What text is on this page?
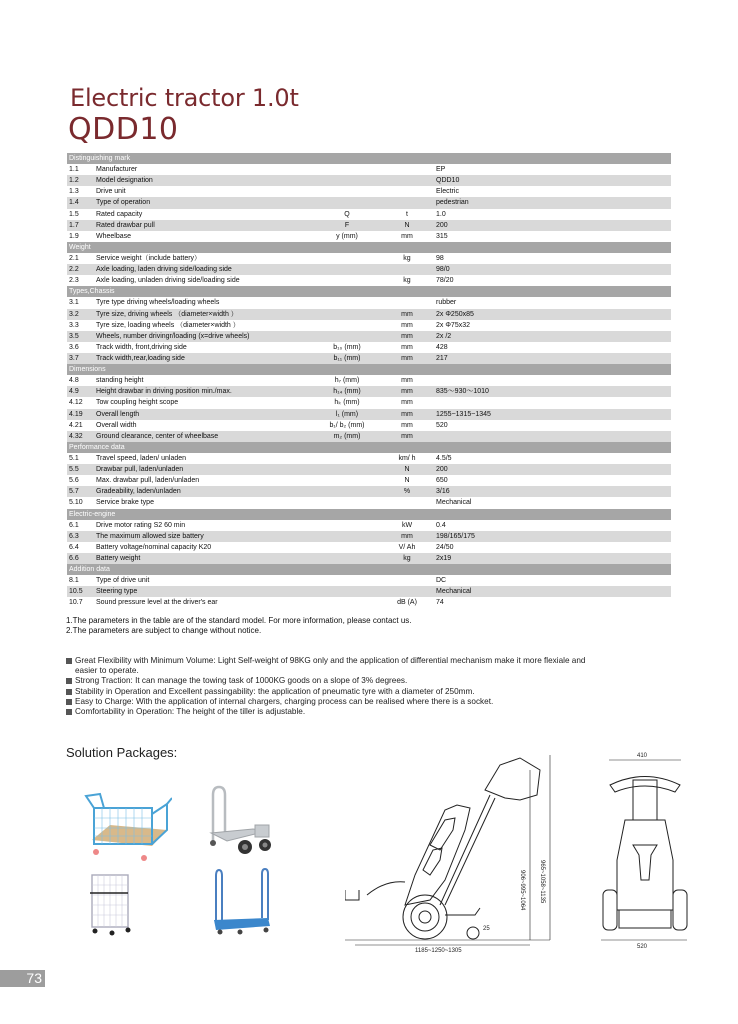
Electric tractor 1.0t
QDD10
Distinguishing mark				
1.1	Manufacturer			EP
1.2	Model designation			QDD10
1.3	Drive unit			Electric
1.4	Type of operation			pedestrian
1.5	Rated capacity	Q	t	1.0
1.7	Rated drawbar pull	F	N	200
1.9	Wheelbase	y (mm)	mm	315
Weight				
2.1	Service weight（include battery）		kg	98
2.2	Axle loading, laden driving side/loading side			98/0
2.3	Axle loading, unladen driving side/loading side		kg	78/20
Types,Chassis				
3.1	Tyre type driving wheels/loading wheels			rubber
3.2	Tyre size, driving wheels （diameter×width ）		mm	2x Φ250x85
3.3	Tyre size, loading wheels （diameter×width ）		mm	2x Φ75x32
3.5	Wheels, number drivingr/loading (x=drive wheels)		mm	2x /2
3.6	Track width, front,driving side	b₁₀ (mm)	mm	428
3.7	Track width,rear,loading side	b₁₁ (mm)	mm	217
Dimensions				
4.8	standing height	h₇ (mm)	mm	
4.9	Height drawbar in driving position min./max.	h₁₄ (mm)	mm	835～930～1010
4.12	Tow coupling height scope	hₖ (mm)	mm	
4.19	Overall length	l₁ (mm)	mm	1255~1315~1345
4.21	Overall width	b₁/ b₂ (mm)	mm	520
4.32	Ground clearance, center of wheelbase	m₂ (mm)	mm	
Performance data				
5.1	Travel speed, laden/ unladen		km/ h	4.5/5
5.5	Drawbar pull, laden/unladen		N	200
5.6	Max. drawbar pull, laden/unladen		N	650
5.7	Gradeability, laden/unladen		%	3/16
5.10	Service brake type			Mechanical
Electric-engine				
6.1	Drive motor rating S2 60 min		kW	0.4
6.3	The maximum allowed size battery		mm	198/165/175
6.4	Battery voltage/nominal capacity K20		V/ Ah	24/50
6.6	Battery weight		kg	2x19
Addition data				
8.1	Type of drive unit			DC
10.5	Steering type			Mechanical
10.7	Sound pressure level at the driver's ear		dB (A)	74
1.The parameters in the table are of the standard model. For more information, please contact us.
2.The parameters are subject to change without notice.
Great Flexibility with Minimum Volume: Light Self-weight of 98KG only and the application of differential mechanism make it more flexiale and easier to operate.
Strong Traction: It can manage the towing task of 1000KG goods on a slope of 3% degrees.
Stability in Operation and Excellent passingability: the application of pneumatic tyre with a diameter of 250mm.
Easy to Charge: With the application of internal chargers, charging process can be realised where there is a socket.
Comfortability in Operation: The height of the tiller is adjustable.
Solution Packages:
906~995~1064 965~1058~1135
1185~1250~1305
25
410
520
73
